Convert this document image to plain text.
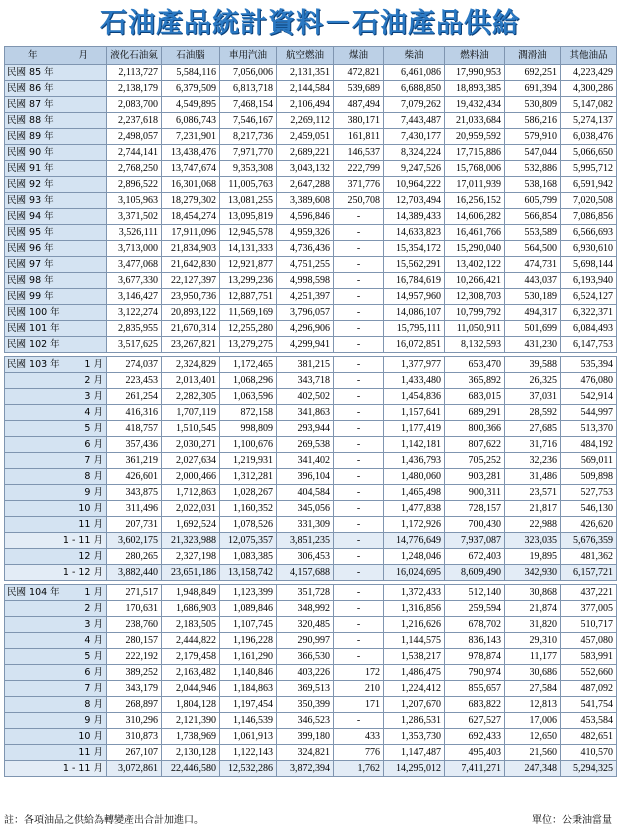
石油產品統計資料－石油產品供給
年	月	液化石油氣	石油腦	車用汽油	航空燃油	煤油	柴油	燃料油	潤滑油	其他油品
民國 85 年		2,113,727	5,584,116	7,056,006	2,131,351	472,821	6,461,086	17,990,953	692,251	4,223,429
民國 86 年		2,138,179	6,379,509	6,813,718	2,144,584	539,689	6,688,850	18,893,385	691,394	4,300,286
民國 87 年		2,083,700	4,549,895	7,468,154	2,106,494	487,494	7,079,262	19,432,434	530,809	5,147,082
民國 88 年		2,237,618	6,086,743	7,546,167	2,269,112	380,171	7,443,487	21,033,684	586,216	5,274,137
民國 89 年		2,498,057	7,231,901	8,217,736	2,459,051	161,811	7,430,177	20,959,592	579,910	6,038,476
民國 90 年		2,744,141	13,438,476	7,971,770	2,689,221	146,537	8,324,224	17,715,886	547,044	5,066,650
民國 91 年		2,768,250	13,747,674	9,353,308	3,043,132	222,799	9,247,526	15,768,006	532,886	5,995,712
民國 92 年		2,896,522	16,301,068	11,005,763	2,647,288	371,776	10,964,222	17,011,939	538,168	6,591,942
民國 93 年		3,105,963	18,279,302	13,081,255	3,389,608	250,708	12,703,494	16,256,152	605,799	7,020,508
民國 94 年		3,371,502	18,454,274	13,095,819	4,596,846	-	14,389,433	14,606,282	566,854	7,086,856
民國 95 年		3,526,111	17,911,096	12,945,578	4,959,326	-	14,633,823	16,461,766	553,589	6,566,693
民國 96 年		3,713,000	21,834,903	14,131,333	4,736,436	-	15,354,172	15,290,040	564,500	6,930,610
民國 97 年		3,477,068	21,642,830	12,921,877	4,751,255	-	15,562,291	13,402,122	474,731	5,698,144
民國 98 年		3,677,330	22,127,397	13,299,236	4,998,598	-	16,784,619	10,266,421	443,037	6,193,940
民國 99 年		3,146,427	23,950,736	12,887,751	4,251,397	-	14,957,960	12,308,703	530,189	6,524,127
民國 100 年		3,122,274	20,893,122	11,569,169	3,796,057	-	14,086,107	10,799,792	494,317	6,322,371
民國 101 年		2,835,955	21,670,314	12,255,280	4,296,906	-	15,795,111	11,050,911	501,699	6,084,493
民國 102 年		3,517,625	23,267,821	13,279,275	4,299,941	-	16,072,851	8,132,593	431,230	6,147,753

民國 103 年	1 月	274,037	2,324,829	1,172,465	381,215	-	1,377,977	653,470	39,588	535,394
	2 月	223,453	2,013,401	1,068,296	343,718	-	1,433,480	365,892	26,325	476,080
	3 月	261,254	2,282,305	1,063,596	402,502	-	1,454,836	683,015	37,031	542,914
	4 月	416,316	1,707,119	872,158	341,863	-	1,157,641	689,291	28,592	544,997
	5 月	418,757	1,510,545	998,809	293,944	-	1,177,419	800,366	27,685	513,370
	6 月	357,436	2,030,271	1,100,676	269,538	-	1,142,181	807,622	31,716	484,192
	7 月	361,219	2,027,634	1,219,931	341,402	-	1,436,793	705,252	32,236	569,011
	8 月	426,601	2,000,466	1,312,281	396,104	-	1,480,060	903,281	31,486	509,898
	9 月	343,875	1,712,863	1,028,267	404,584	-	1,465,498	900,311	23,571	527,753
	10 月	311,496	2,022,031	1,160,352	345,056	-	1,477,838	728,157	21,817	546,130
	11 月	207,731	1,692,524	1,078,526	331,309	-	1,172,926	700,430	22,988	426,620
	1 - 11 月	3,602,175	21,323,988	12,075,357	3,851,235	-	14,776,649	7,937,087	323,035	5,676,359
	12 月	280,265	2,327,198	1,083,385	306,453	-	1,248,046	672,403	19,895	481,362
	1 - 12 月	3,882,440	23,651,186	13,158,742	4,157,688	-	16,024,695	8,609,490	342,930	6,157,721

民國 104 年	1 月	271,517	1,948,849	1,123,399	351,728	-	1,372,433	512,140	30,868	437,221
	2 月	170,631	1,686,903	1,089,846	348,992	-	1,316,856	259,594	21,874	377,005
	3 月	238,760	2,183,505	1,107,745	320,485	-	1,216,626	678,702	31,820	510,717
	4 月	280,157	2,444,822	1,196,228	290,997	-	1,144,575	836,143	29,310	457,080
	5 月	222,192	2,179,458	1,161,290	366,530	-	1,538,217	978,874	11,177	583,991
	6 月	389,252	2,163,482	1,140,846	403,226	172	1,486,475	790,974	30,686	552,660
	7 月	343,179	2,044,946	1,184,863	369,513	210	1,224,412	855,657	27,584	487,092
	8 月	268,897	1,804,128	1,197,454	350,399	171	1,207,670	683,822	12,813	541,754
	9 月	310,296	2,121,390	1,146,539	346,523	-	1,286,531	627,527	17,006	453,584
	10 月	310,873	1,738,969	1,061,913	399,180	433	1,353,730	692,433	12,650	482,651
	11 月	267,107	2,130,128	1,122,143	324,821	776	1,147,487	495,403	21,560	410,570
	1 - 11 月	3,072,861	22,446,580	12,532,286	3,872,394	1,762	14,295,012	7,411,271	247,348	5,294,325
註：各項油品之供給為轉變產出合計加進口。	單位：公秉油當量
